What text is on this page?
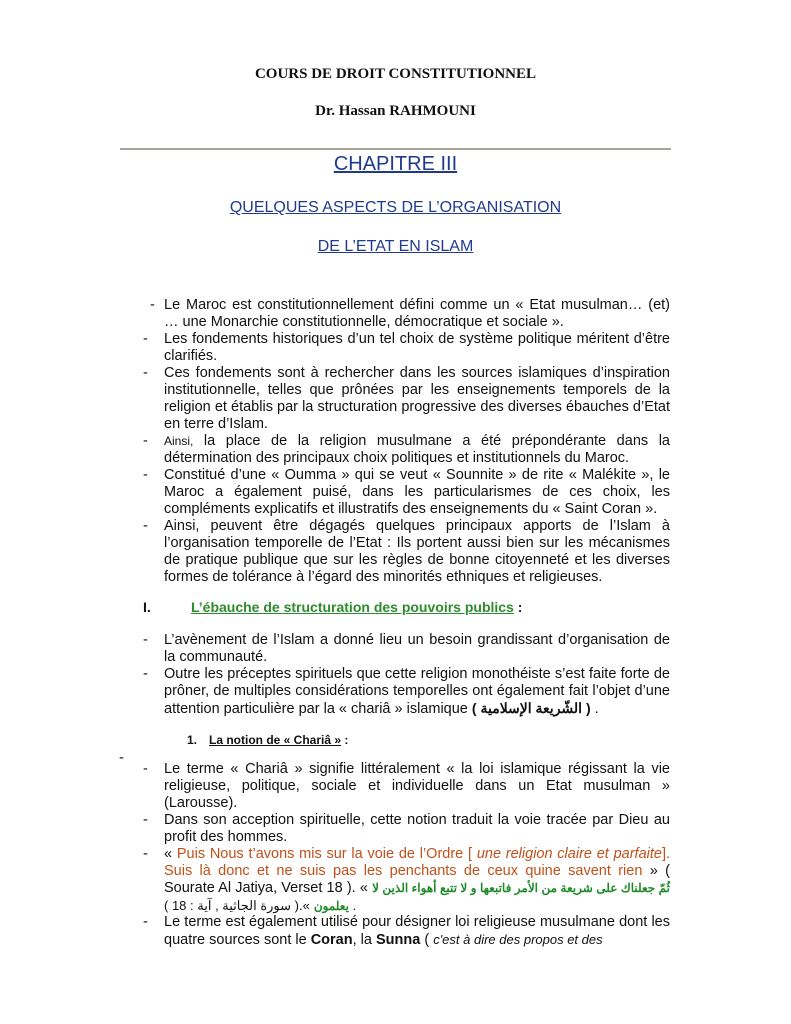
COURS DE DROIT CONSTITUTIONNEL
Dr. Hassan RAHMOUNI
CHAPITRE III
QUELQUES ASPECTS DE L’ORGANISATION
DE L’ETAT EN ISLAM
- Le Maroc est constitutionnellement défini comme un « Etat musulman… (et) … une Monarchie constitutionnelle, démocratique et sociale ».
- Les fondements historiques d’un tel choix de système politique méritent d’être clarifiés.
- Ces fondements sont à rechercher dans les sources islamiques d’inspiration institutionnelle, telles que prônées par les enseignements temporels de la religion et établis par la structuration progressive des diverses ébauches d’Etat en terre d’Islam.
- Ainsi, la place de la religion musulmane a été prépondérante dans la détermination des principaux choix politiques et institutionnels du Maroc.
- Constitué d’une « Oumma » qui se veut « Sounnite » de rite « Malékite », le Maroc a également puisé, dans les particularismes de ces choix, les compléments explicatifs et illustratifs des enseignements du « Saint Coran ».
- Ainsi, peuvent être dégagés quelques principaux apports de l’Islam à l’organisation temporelle de l’Etat : Ils portent aussi bien sur les mécanismes de pratique publique que sur les règles de bonne citoyenneté et les diverses formes de tolérance à l’égard des minorités ethniques et religieuses.
I.	L’ébauche de structuration des pouvoirs publics :
- L’avènement de l’Islam a donné lieu un besoin grandissant d’organisation de la communauté.
- Outre les préceptes spirituels que cette religion monothéiste s’est faite forte de prôner, de multiples considérations temporelles ont également fait l’objet d’une attention particulière par la « chariâ » islamique ( الشّريعة الإسلامية ) .
1. La notion de « Chariâ » :
-
- Le terme « Chariâ » signifie littéralement « la loi islamique régissant la vie religieuse, politique, sociale et individuelle dans un Etat musulman » (Larousse).
- Dans son acception spirituelle, cette notion traduit la voie tracée par Dieu au profit des hommes.
- « Puis Nous t’avons mis sur la voie de l’Ordre [ une religion claire et parfaite]. Suis là donc et ne suis pas les penchants de ceux quine savent rien » ( Sourate Al Jatiya, Verset 18 ). « ثُمّ جعلناك على شريعة من الأمر فاتبعها و لا تتبع أهواء الذين لا يعلمون ».( سورة الجاثية , آية : 18 ) .
- Le terme est également utilisé pour désigner loi religieuse musulmane dont les quatre sources sont le Coran, la Sunna ( c'est à dire des propos et des
